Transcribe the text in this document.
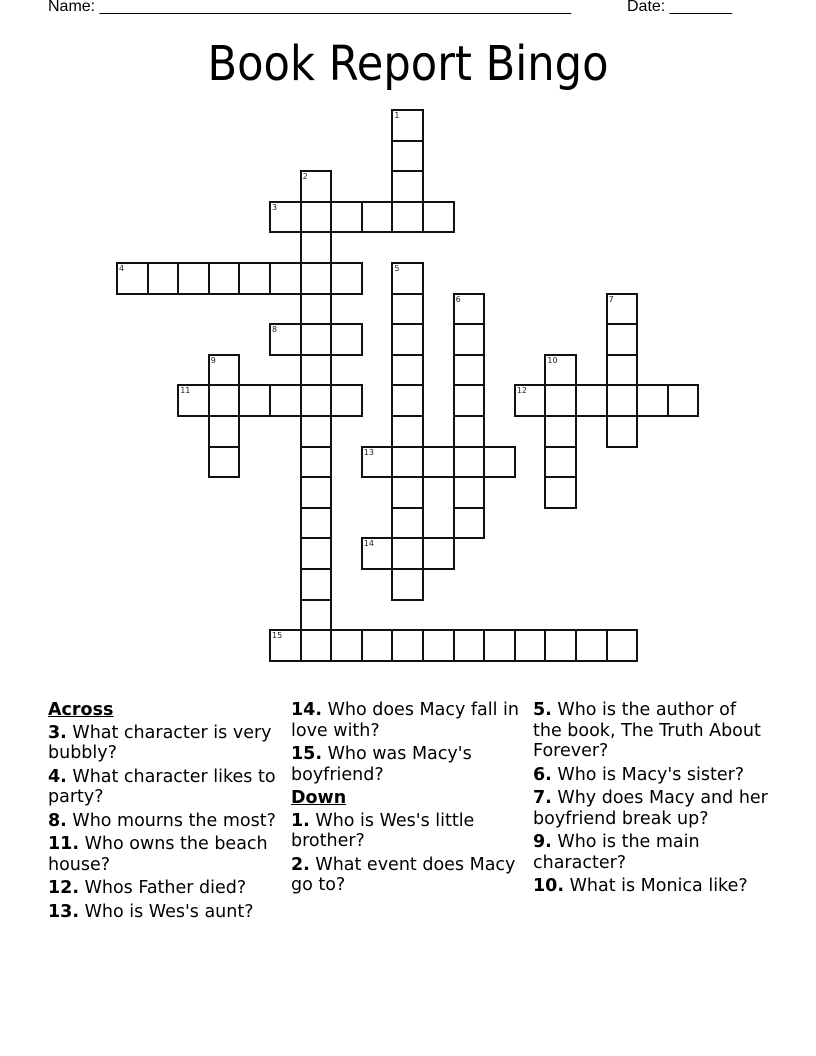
Name: _____________________________________________________	Date: _______
Book Report Bingo
1
2
3
4	5
6	7
8
9	10
11	12
13
14
15
Across
3. What character is very bubbly?
4. What character likes to party?
8. Who mourns the most?
11. Who owns the beach house?
12. Whos Father died?
13. Who is Wes's aunt?
14. Who does Macy fall in love with?
15. Who was Macy's boyfriend?
Down
1. Who is Wes's little brother?
2. What event does Macy go to?
5. Who is the author of the book, The Truth About Forever?
6. Who is Macy's sister?
7. Why does Macy and her boyfriend break up?
9. Who is the main character?
10. What is Monica like?
